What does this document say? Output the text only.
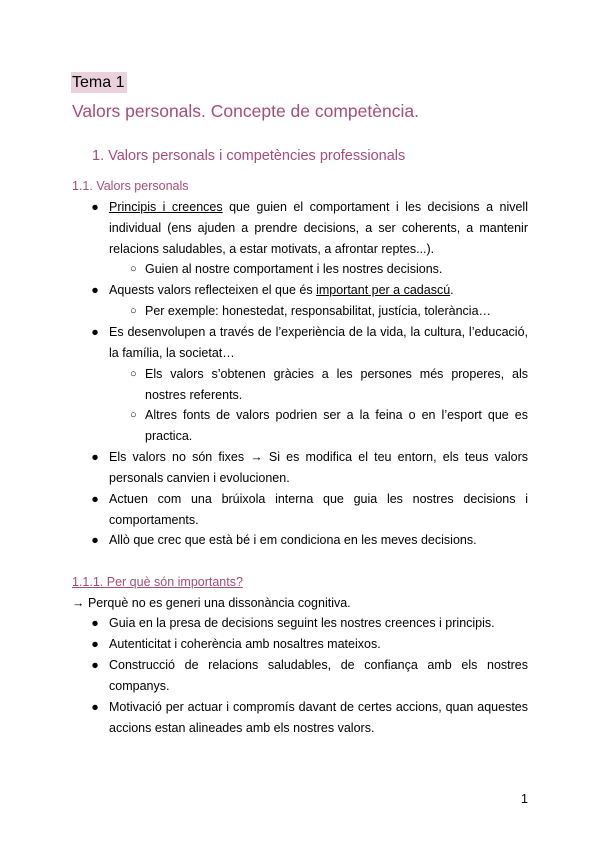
Tema 1
Valors personals. Concepte de competència.
1. Valors personals i competències professionals
1.1. Valors personals
● Principis i creences que guien el comportament i les decisions a nivell individual (ens ajuden a prendre decisions, a ser coherents, a mantenir relacions saludables, a estar motivats, a afrontar reptes...).
○ Guien al nostre comportament i les nostres decisions.
● Aquests valors reflecteixen el que és important per a cadascú.
○ Per exemple: honestedat, responsabilitat, justícia, tolerància…
● Es desenvolupen a través de l’experiència de la vida, la cultura, l’educació, la família, la societat…
○ Els valors s’obtenen gràcies a les persones més properes, als nostres referents.
○ Altres fonts de valors podrien ser a la feina o en l’esport que es practica.
● Els valors no són fixes → Si es modifica el teu entorn, els teus valors personals canvien i evolucionen.
● Actuen com una brúixola interna que guia les nostres decisions i comportaments.
● Allò que crec que està bé i em condiciona en les meves decisions.
1.1.1. Per què són importants?
→ Perquè no es generi una dissonància cognitiva.
● Guia en la presa de decisions seguint les nostres creences i principis.
● Autenticitat i coherència amb nosaltres mateixos.
● Construcció de relacions saludables, de confiança amb els nostres companys.
● Motivació per actuar i compromís davant de certes accions, quan aquestes accions estan alineades amb els nostres valors.
1
